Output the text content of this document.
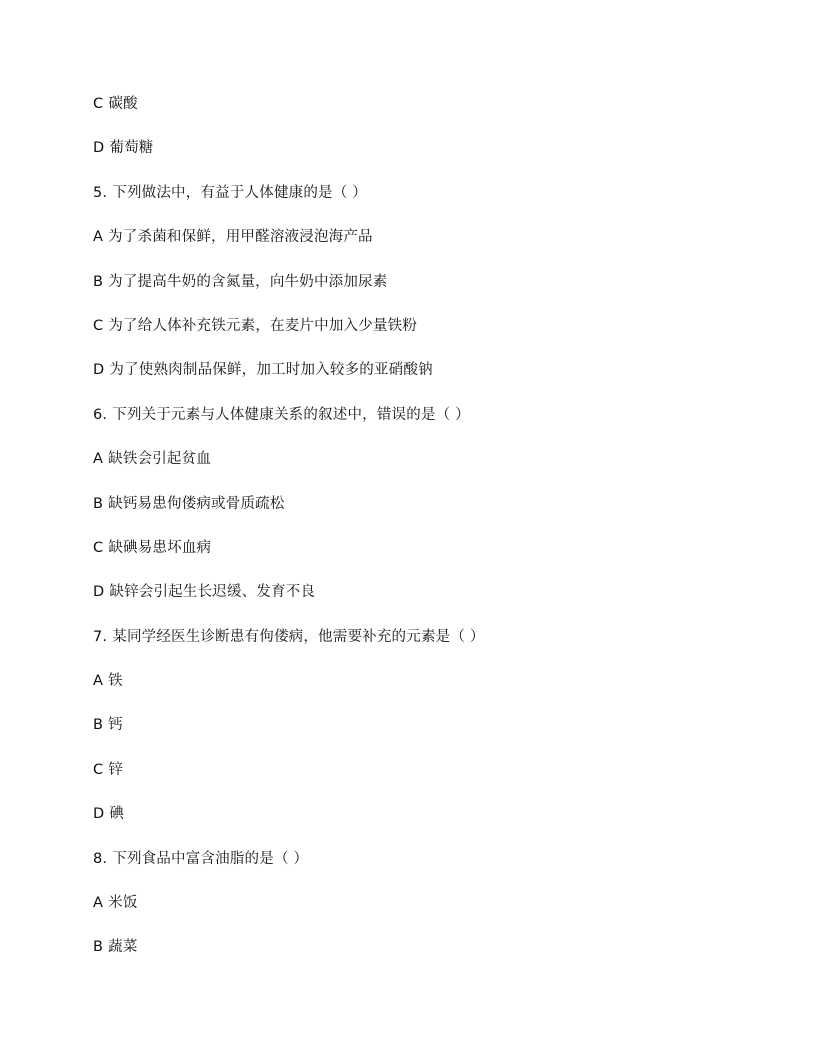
C 碳酸
D 葡萄糖
5. 下列做法中，有益于人体健康的是（ ）
A 为了杀菌和保鲜，用甲醛溶液浸泡海产品
B 为了提高牛奶的含氮量，向牛奶中添加尿素
C 为了给人体补充铁元素，在麦片中加入少量铁粉
D 为了使熟肉制品保鲜，加工时加入较多的亚硝酸钠
6. 下列关于元素与人体健康关系的叙述中，错误的是（ ）
A 缺铁会引起贫血
B 缺钙易患佝偻病或骨质疏松
C 缺碘易患坏血病
D 缺锌会引起生长迟缓、发育不良
7. 某同学经医生诊断患有佝偻病，他需要补充的元素是（ ）
A 铁
B 钙
C 锌
D 碘
8. 下列食品中富含油脂的是（ ）
A 米饭
B 蔬菜
